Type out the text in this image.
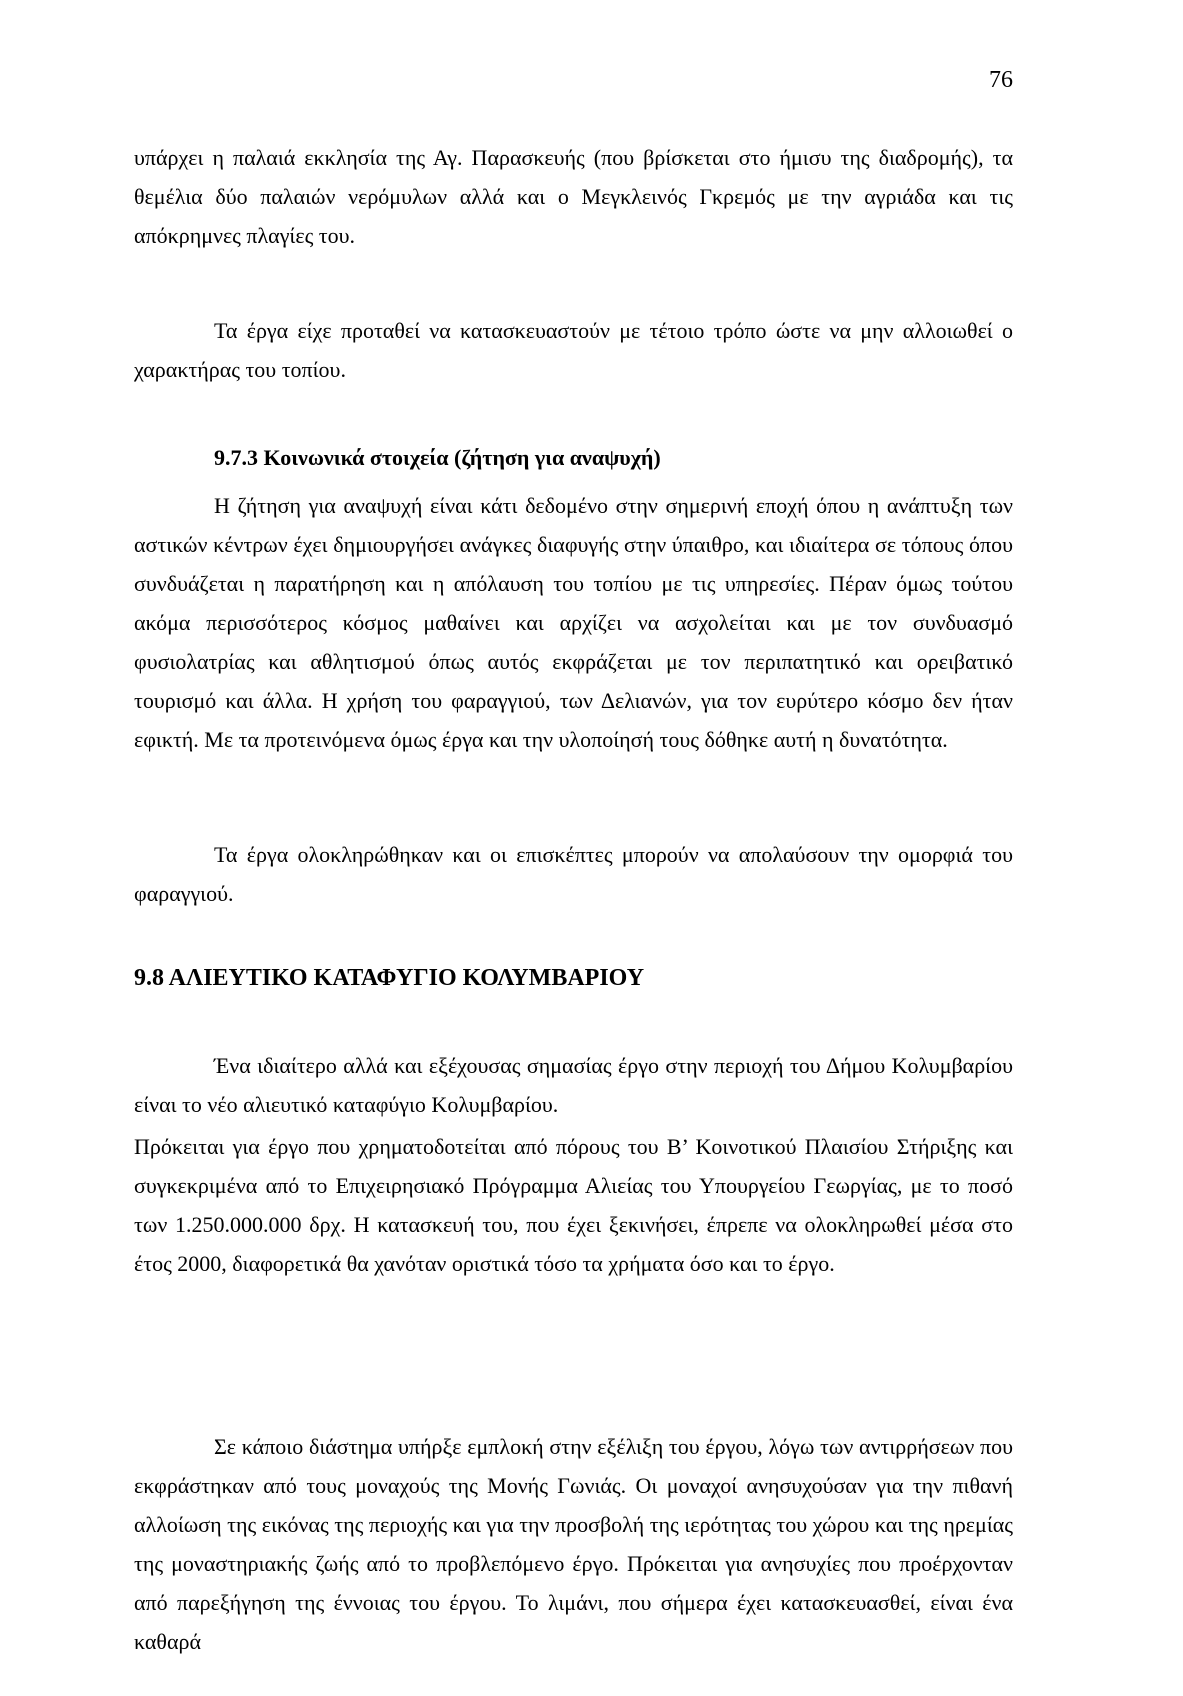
76

υπάρχει η παλαιά εκκλησία της Αγ. Παρασκευής (που βρίσκεται στο ήμισυ της διαδρομής), τα θεμέλια δύο παλαιών νερόμυλων αλλά και ο Μεγκλεινός Γκρεμός με την αγριάδα και τις απόκρημνες πλαγίες του.

Τα έργα είχε προταθεί να κατασκευαστούν με τέτοιο τρόπο ώστε να μην αλλοιωθεί ο χαρακτήρας του τοπίου.

9.7.3 Κοινωνικά στοιχεία (ζήτηση για αναψυχή)

Η ζήτηση για αναψυχή είναι κάτι δεδομένο στην σημερινή εποχή όπου η ανάπτυξη των αστικών κέντρων έχει δημιουργήσει ανάγκες διαφυγής στην ύπαιθρο, και ιδιαίτερα σε τόπους όπου συνδυάζεται η παρατήρηση και η απόλαυση του τοπίου με τις υπηρεσίες. Πέραν όμως τούτου ακόμα περισσότερος κόσμος μαθαίνει και αρχίζει να ασχολείται και με τον συνδυασμό φυσιολατρίας και αθλητισμού όπως αυτός εκφράζεται με τον περιπατητικό και ορειβατικό τουρισμό και άλλα. Η χρήση του φαραγγιού, των Δελιανών, για τον ευρύτερο κόσμο δεν ήταν εφικτή. Με τα προτεινόμενα όμως έργα και την υλοποίησή τους δόθηκε αυτή η δυνατότητα.

Τα έργα ολοκληρώθηκαν και οι επισκέπτες μπορούν να απολαύσουν την ομορφιά του φαραγγιού.

9.8 ΑΛΙΕΥΤΙΚΟ ΚΑΤΑΦΥΓΙΟ ΚΟΛΥΜΒΑΡΙΟΥ

Ένα ιδιαίτερο αλλά και εξέχουσας σημασίας έργο στην περιοχή του Δήμου Κολυμβαρίου είναι το νέο αλιευτικό καταφύγιο Κολυμβαρίου.

Πρόκειται για έργο που χρηματοδοτείται από πόρους του Β’ Κοινοτικού Πλαισίου Στήριξης και συγκεκριμένα από το Επιχειρησιακό Πρόγραμμα Αλιείας του Υπουργείου Γεωργίας, με το ποσό των 1.250.000.000 δρχ. Η κατασκευή του, που έχει ξεκινήσει, έπρεπε να ολοκληρωθεί μέσα στο έτος 2000, διαφορετικά θα χανόταν οριστικά τόσο τα χρήματα όσο και το έργο.

Σε κάποιο διάστημα υπήρξε εμπλοκή στην εξέλιξη του έργου, λόγω των αντιρρήσεων που εκφράστηκαν από τους μοναχούς της Μονής Γωνιάς. Οι μοναχοί ανησυχούσαν για την πιθανή αλλοίωση της εικόνας της περιοχής και για την προσβολή της ιερότητας του χώρου και της ηρεμίας της μοναστηριακής ζωής από το προβλεπόμενο έργο. Πρόκειται για ανησυχίες που προέρχονταν από παρεξήγηση της έννοιας του έργου. Το λιμάνι, που σήμερα έχει κατασκευασθεί, είναι ένα καθαρά
